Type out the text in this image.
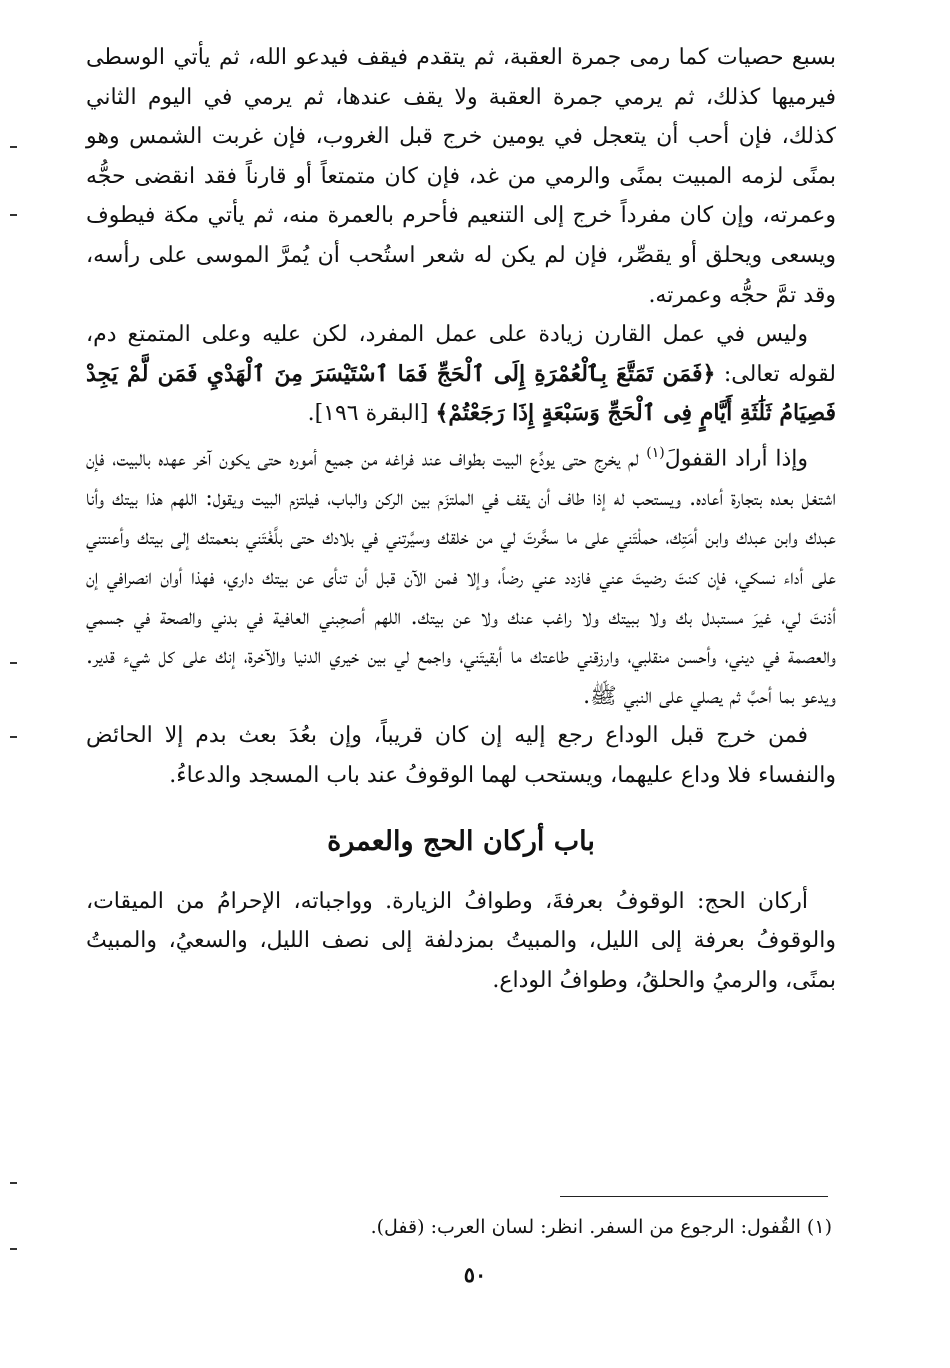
بسبع حصيات كما رمى جمرة العقبة، ثم يتقدم فيقف فيدعو الله، ثم يأتي الوسطى فيرميها كذلك، ثم يرمي جمرة العقبة ولا يقف عندها، ثم يرمي في اليوم الثاني كذلك، فإن أحب أن يتعجل في يومين خرج قبل الغروب، فإن غربت الشمس وهو بمنًى لزمه المبيت بمنًى والرمي من غد، فإن كان متمتعاً أو قارناً فقد انقضى حجُّه وعمرته، وإن كان مفرداً خرج إلى التنعيم فأحرم بالعمرة منه، ثم يأتي مكة فيطوف ويسعى ويحلق أو يقصِّر، فإن لم يكن له شعر استُحب أن يُمرَّ الموسى على رأسه، وقد تمَّ حجُّه وعمرته.

وليس في عمل القارن زيادة على عمل المفرد، لكن عليه وعلى المتمتع دم، لقوله تعالى: ﴿فَمَن تَمَتَّعَ بِٱلْعُمْرَةِ إِلَى ٱلْحَجِّ فَمَا ٱسْتَيْسَرَ مِنَ ٱلْهَدْيِ فَمَن لَّمْ يَجِدْ فَصِيَامُ ثَلَٰثَةِ أَيَّامٍ فِى ٱلْحَجِّ وَسَبْعَةٍ إِذَا رَجَعْتُمْ﴾ [البقرة ١٩٦].

وإذا أراد القفولَ$^{(١)}$ لم يخرج حتى يودِّع البيت بطواف عند فراغه من جميع أموره حتى يكون آخر عهده بالبيت، فإن اشتغل بعده بتجارة أعاده. ويستحب له إذا طاف أن يقف في الملتزَم بين الركن والباب، فيلتزم البيت ويقول: اللهم هذا بيتك وأنا عبدك وابن عبدك وابن أمَتِك، حملْتَني على ما سخَّرتَ لي من خلقك وسيَّرتني في بلادك حتى بلَّغْتَني بنعمتك إلى بيتك وأعنتني على أداء نسكي، فإن كنتَ رضيتَ عني فازدد عني رضاً، وإلا فمن الآن قبل أن تنأى عن بيتك داري، فهذا أوان انصرافي إن أذنتَ لي، غيرَ مستبدل بك ولا ببيتك ولا راغب عنك ولا عن بيتك. اللهم أصحِبني العافية في بدني والصحة في جسمي والعصمة في ديني، وأحسن منقلبي، وارزقني طاعتك ما أبقيتَني، واجمع لي بين خيري الدنيا والآخرة، إنك على كل شيء قدير. ويدعو بما أحبَّ ثم يصلي على النبي ﷺ.

فمن خرج قبل الوداع رجع إليه إن كان قريباً، وإن بعُدَ بعث بدم إلا الحائض والنفساء فلا وداع عليهما، ويستحب لهما الوقوفُ عند باب المسجد والدعاءُ.

باب أركان الحج والعمرة

أركان الحج: الوقوفُ بعرفةَ، وطوافُ الزيارة. وواجباته، الإحرامُ من الميقات، والوقوفُ بعرفة إلى الليل، والمبيتُ بمزدلفة إلى نصف الليل، والسعيُ، والمبيتُ بمنًى، والرميُ والحلقُ، وطوافُ الوداع.

(١) القُفول: الرجوع من السفر. انظر: لسان العرب: (قفل).
٥٠
